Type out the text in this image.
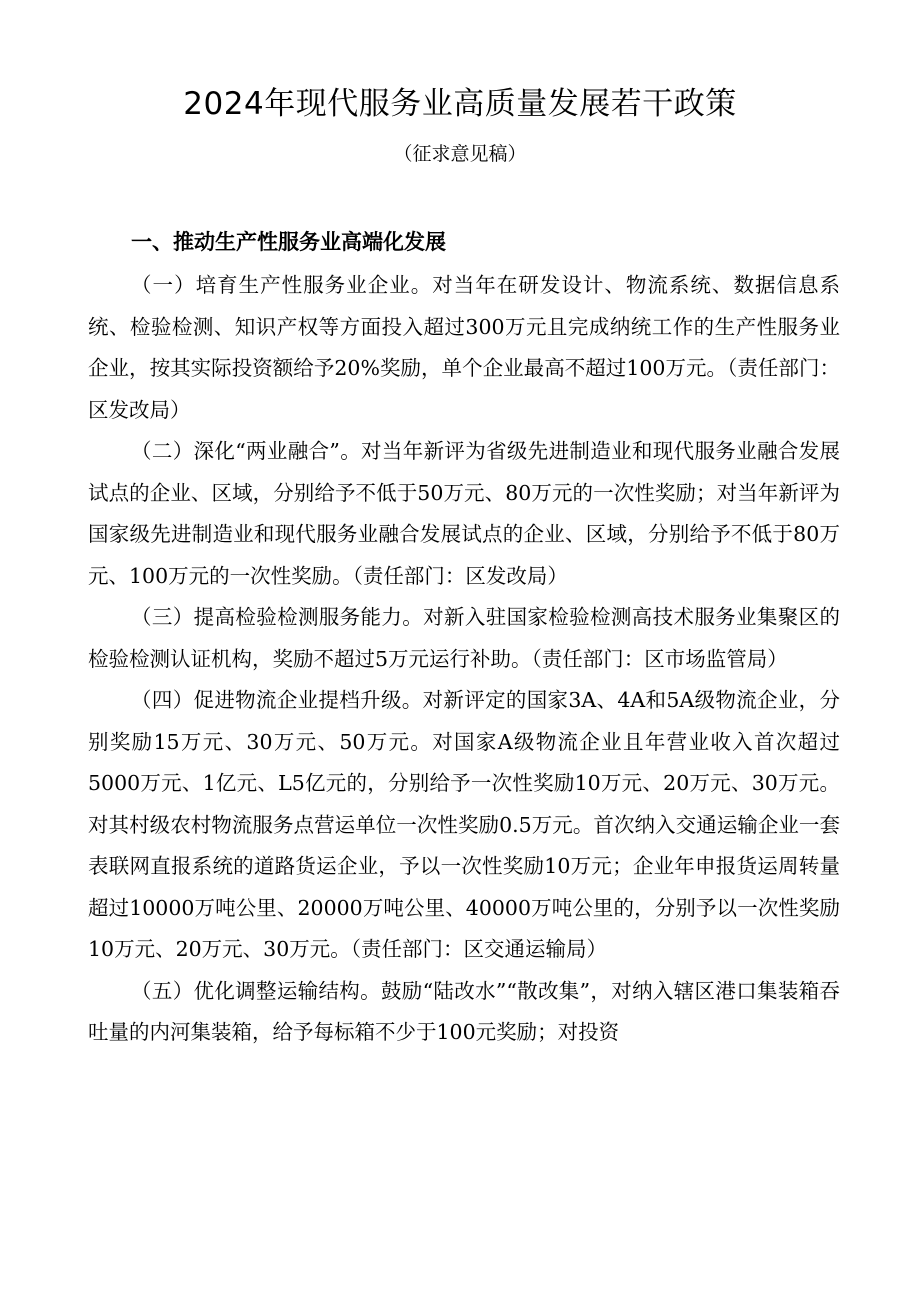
2024年现代服务业高质量发展若干政策
（征求意见稿）
一、推动生产性服务业高端化发展

（一）培育生产性服务业企业。对当年在研发设计、物流系统、数据信息系统、检验检测、知识产权等方面投入超过300万元且完成纳统工作的生产性服务业企业，按其实际投资额给予20%奖励，单个企业最高不超过100万元。（责任部门：区发改局）

（二）深化“两业融合”。对当年新评为省级先进制造业和现代服务业融合发展试点的企业、区域，分别给予不低于50万元、80万元的一次性奖励；对当年新评为国家级先进制造业和现代服务业融合发展试点的企业、区域，分别给予不低于80万元、100万元的一次性奖励。（责任部门：区发改局）

（三）提高检验检测服务能力。对新入驻国家检验检测高技术服务业集聚区的检验检测认证机构，奖励不超过5万元运行补助。（责任部门：区市场监管局）

（四）促进物流企业提档升级。对新评定的国家3A、4A和5A级物流企业，分别奖励15万元、30万元、50万元。对国家A级物流企业且年营业收入首次超过5000万元、1亿元、L5亿元的，分别给予一次性奖励10万元、20万元、30万元。对其村级农村物流服务点营运单位一次性奖励0.5万元。首次纳入交通运输企业一套表联网直报系统的道路货运企业，予以一次性奖励10万元；企业年申报货运周转量超过10000万吨公里、20000万吨公里、40000万吨公里的，分别予以一次性奖励10万元、20万元、30万元。（责任部门：区交通运输局）

（五）优化调整运输结构。鼓励“陆改水”“散改集”，对纳入辖区港口集装箱吞吐量的内河集装箱，给予每标箱不少于100元奖励；对投资
